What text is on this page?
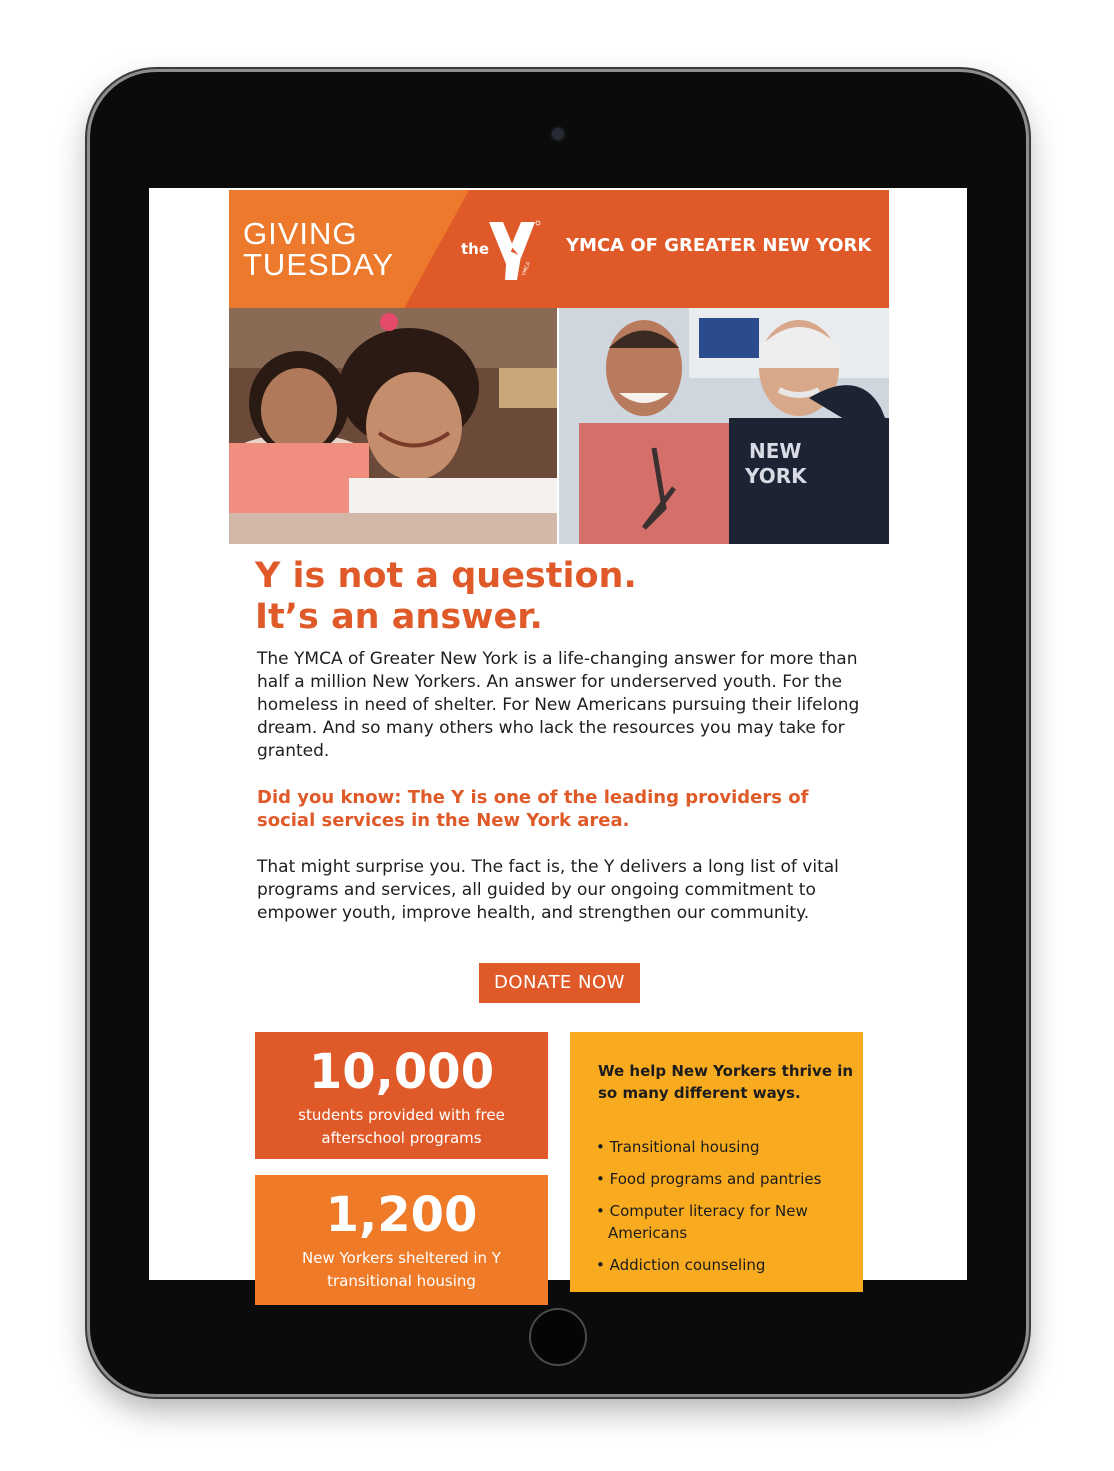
GIVING
TUESDAY	the
YMCA
YMCA OF GREATER NEW YORK
NEW
YORK
Y is not a question.
It’s an answer.

The YMCA of Greater New York is a life-changing answer for more than half a million New Yorkers. An answer for underserved youth. For the homeless in need of shelter. For New Americans pursuing their lifelong dream. And so many others who lack the resources you may take for granted.

Did you know: The Y is one of the leading providers of social services in the New York area.

That might surprise you. The fact is, the Y delivers a long list of vital programs and services, all guided by our ongoing commitment to empower youth, improve health, and strengthen our community.

DONATE NOW
10,000
students provided with free afterschool programs
1,200
New Yorkers sheltered in Y transitional housing

We help New Yorkers thrive in so many different ways.

• Transitional housing
• Food programs and pantries
• Computer literacy for New Americans
• Addiction counseling
